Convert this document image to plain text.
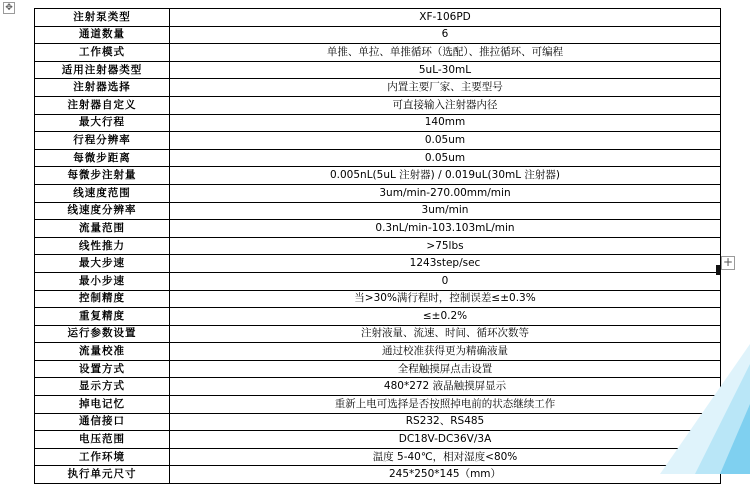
✥
注射泵类型	XF-106PD
通道数量	6
工作模式	单推、单拉、单推循环（选配）、推拉循环、可编程
适用注射器类型	5uL-30mL
注射器选择	内置主要厂家、主要型号
注射器自定义	可直接输入注射器内径
最大行程	140mm
行程分辨率	0.05um
每微步距离	0.05um
每微步注射量	0.005nL(5uL 注射器) / 0.019uL(30mL 注射器)
线速度范围	3um/min-270.00mm/min
线速度分辨率	3um/min
流量范围	0.3nL/min-103.103mL/min
线性推力	>75lbs
最大步速	1243step/sec
最小步速	0
控制精度	当>30%满行程时，控制误差≤±0.3%
重复精度	≤±0.2%
运行参数设置	注射液量、流速、时间、循环次数等
流量校准	通过校准获得更为精确液量
设置方式	全程触摸屏点击设置
显示方式	480*272 液晶触摸屏显示
掉电记忆	重新上电可选择是否按照掉电前的状态继续工作
通信接口	RS232、RS485
电压范围	DC18V-DC36V/3A
工作环境	温度 5-40℃，相对湿度<80%
执行单元尺寸	245*250*145（mm）
+
